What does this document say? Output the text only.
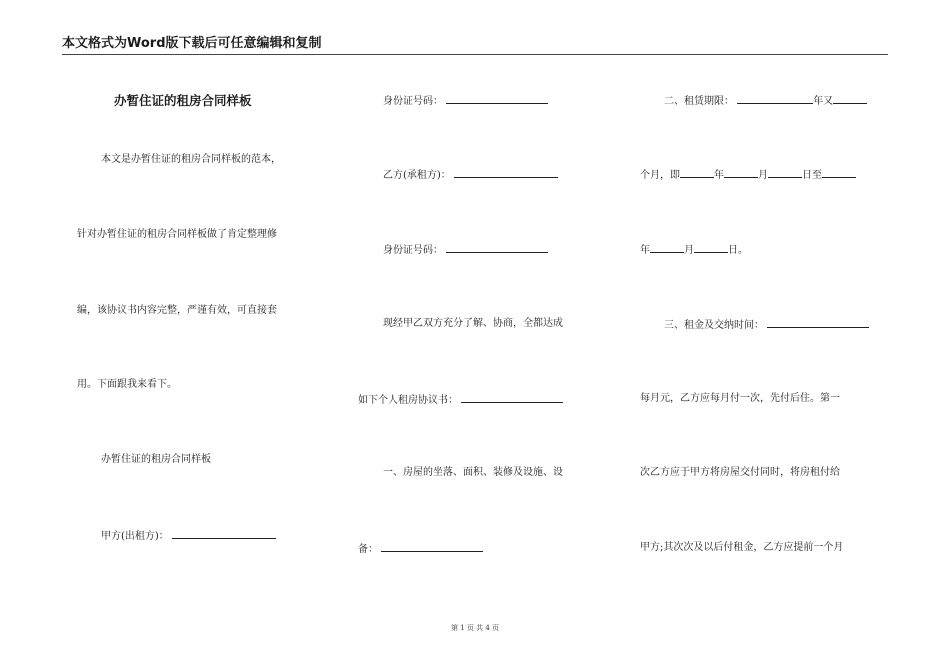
本文格式为Word版下载后可任意编辑和复制
办暂住证的租房合同样板
本文是办暂住证的租房合同样板的范本，
针对办暂住证的租房合同样板做了肯定整理修
编，该协议书内容完整，严谨有效，可直接套
用。下面跟我来看下。
办暂住证的租房合同样板
甲方(出租方)：
身份证号码：
乙方(承租方)：
身份证号码：
现经甲乙双方充分了解、协商，全都达成
如下个人租房协议书：
一、房屋的坐落、面积、装修及设施、设
备：
二、租赁期限：	年又
个月，即	年	月	日至
年	月	日。
三、租金及交纳时间：
每月元，乙方应每月付一次，先付后住。第一
次乙方应于甲方将房屋交付同时，将房租付给
甲方;其次次及以后付租金，乙方应提前一个月
第 1 页 共 4 页
